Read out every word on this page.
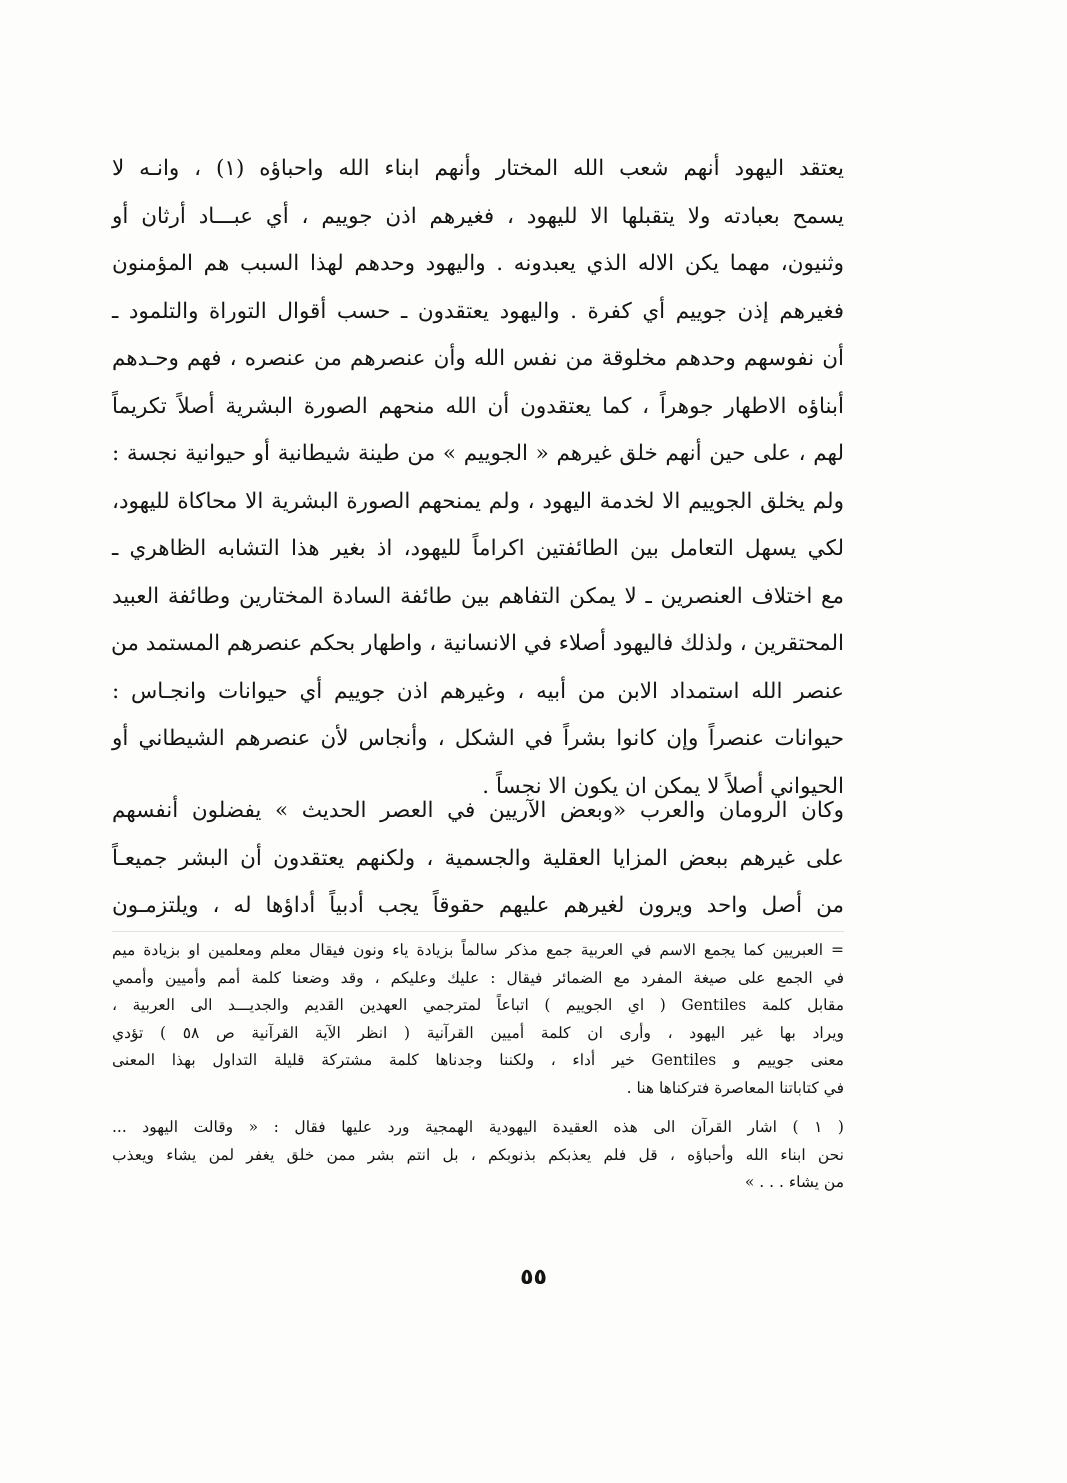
يعتقد اليهود أنهم شعب الله المختار وأنهم ابناء الله واحباؤه (١) ، وانـه لا
يسمح بعبادته ولا يتقبلها الا لليهود ، فغيرهم اذن جوييم ، أي عبـــاد أرثان أو
وثنيون، مهما يكن الاله الذي يعبدونه . واليهود وحدهم لهذا السبب هم المؤمنون
فغيرهم إذن جوييم أي كفرة . واليهود يعتقدون ـ حسب أقوال التوراة والتلمود ـ
أن نفوسهم وحدهم مخلوقة من نفس الله وأن عنصرهم من عنصره ، فهم وحـدهم
أبناؤه الاطهار جوهراً ، كما يعتقدون أن الله منحهم الصورة البشرية أصلاً تكريماً
لهم ، على حين أنهم خلق غيرهم « الجوييم » من طينة شيطانية أو حيوانية نجسة :
ولم يخلق الجوييم الا لخدمة اليهود ، ولم يمنحهم الصورة البشرية الا محاكاة لليهود،
لكي يسهل التعامل بين الطائفتين اكراماً لليهود، اذ بغير هذا التشابه الظاهري ـ
مع اختلاف العنصرين ـ لا يمكن التفاهم بين طائفة السادة المختارين وطائفة العبيد
المحتقرين ، ولذلك فاليهود أصلاء في الانسانية ، واطهار بحكم عنصرهم المستمد من
عنصر الله استمداد الابن من أبيه ، وغيرهم اذن جوييم أي حيوانات وانجـاس :
حيوانات عنصراً وإن كانوا بشراً في الشكل ، وأنجاس لأن عنصرهم الشيطاني أو
الحيواني أصلاً لا يمكن ان يكون الا نجساً .
وكان الرومان والعرب «وبعض الآريين في العصر الحديث » يفضلون أنفسهم
على غيرهم ببعض المزايا العقلية والجسمية ، ولكنهم يعتقدون أن البشر جميعـاً
من أصل واحد ويرون لغيرهم عليهم حقوقاً يجب أدبياً أداؤها له ، ويلتزمـون
= العبريين كما يجمع الاسم في العربية جمع مذكر سالماً بزيادة ياء ونون فيقال معلم ومعلمين او بزيادة ميم
في الجمع على صيغة المفرد مع الضمائر فيقال : عليك وعليكم ، وقد وضعنا كلمة أمم وأميين وأممي
مقابل كلمة Gentiles ( اي الجوييم ) اتباعاً لمترجمي العهدين القديم والجديـــد الى العربية ،
ويراد بها غير اليهود ، وأرى ان كلمة أميين القرآنية ( انظر الآية القرآنية ص ٥٨ ) تؤدي
معنى جوييم و Gentiles خير أداء ، ولكننا وجدناها كلمة مشتركة قليلة التداول بهذا المعنى
في كتاباتنا المعاصرة فتركناها هنا .
( ١ ) اشار القرآن الى هذه العقيدة اليهودية الهمجية ورد عليها فقال : « وقالت اليهود ...
نحن ابناء الله وأحباؤه ، قل فلم يعذبكم بذنوبكم ، بل انتم بشر ممن خلق يغفر لمن يشاء ويعذب
من يشاء . . . »
٥٥
